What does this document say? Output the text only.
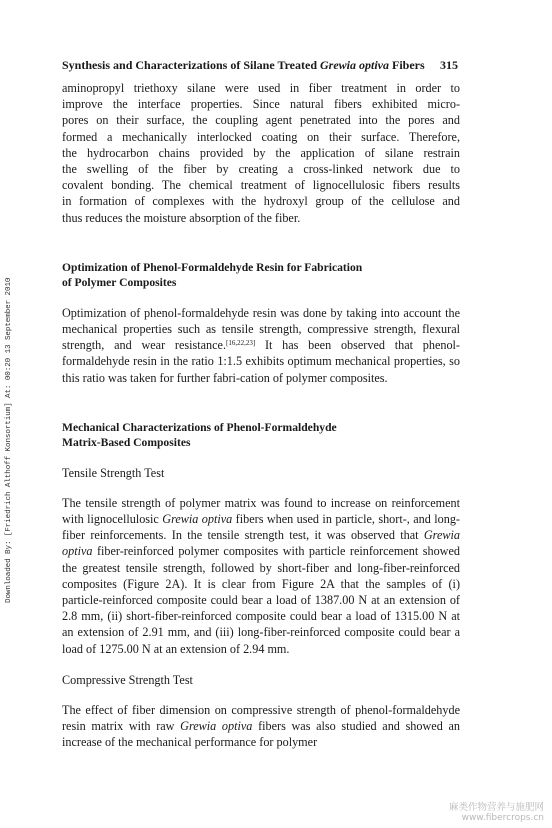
Downloaded By: [Friedrich Althoff Konsortium] At: 00:20 13 September 2010
Synthesis and Characterizations of Silane Treated Grewia optiva Fibers 315

aminopropyl triethoxy silane were used in fiber treatment in order to
improve the interface properties. Since natural fibers exhibited micro-
pores on their surface, the coupling agent penetrated into the pores and
formed a mechanically interlocked coating on their surface. Therefore,
the hydrocarbon chains provided by the application of silane restrain
the swelling of the fiber by creating a cross-linked network due to
covalent bonding. The chemical treatment of lignocellulosic fibers results
in formation of complexes with the hydroxyl group of the cellulose and
thus reduces the moisture absorption of the fiber.

Optimization of Phenol-Formaldehyde Resin for Fabrication
of Polymer Composites

Optimization of phenol-formaldehyde resin was done by taking into account the mechanical properties such as tensile strength, compressive strength, flexural strength, and wear resistance.[16,22,23] It has been observed that phenol-formaldehyde resin in the ratio 1:1.5 exhibits optimum mechanical properties, so this ratio was taken for further fabri-cation of polymer composites.

Mechanical Characterizations of Phenol-Formaldehyde
Matrix-Based Composites
Tensile Strength Test

The tensile strength of polymer matrix was found to increase on reinforcement with lignocellulosic Grewia optiva fibers when used in particle, short-, and long-fiber reinforcements. In the tensile strength test, it was observed that Grewia optiva fiber-reinforced polymer composites with particle reinforcement showed the greatest tensile strength, followed by short-fiber and long-fiber-reinforced composites (Figure 2A). It is clear from Figure 2A that the samples of (i) particle-reinforced composite could bear a load of 1387.00 N at an extension of 2.8 mm, (ii) short-fiber-reinforced composite could bear a load of 1315.00 N at an extension of 2.91 mm, and (iii) long-fiber-reinforced composite could bear a load of 1275.00 N at an extension of 2.94 mm.

Compressive Strength Test

The effect of fiber dimension on compressive strength of phenol-formaldehyde resin matrix with raw Grewia optiva fibers was also studied and showed an increase of the mechanical performance for polymer

麻类作物营养与施肥网
www.fibercrops.cn
